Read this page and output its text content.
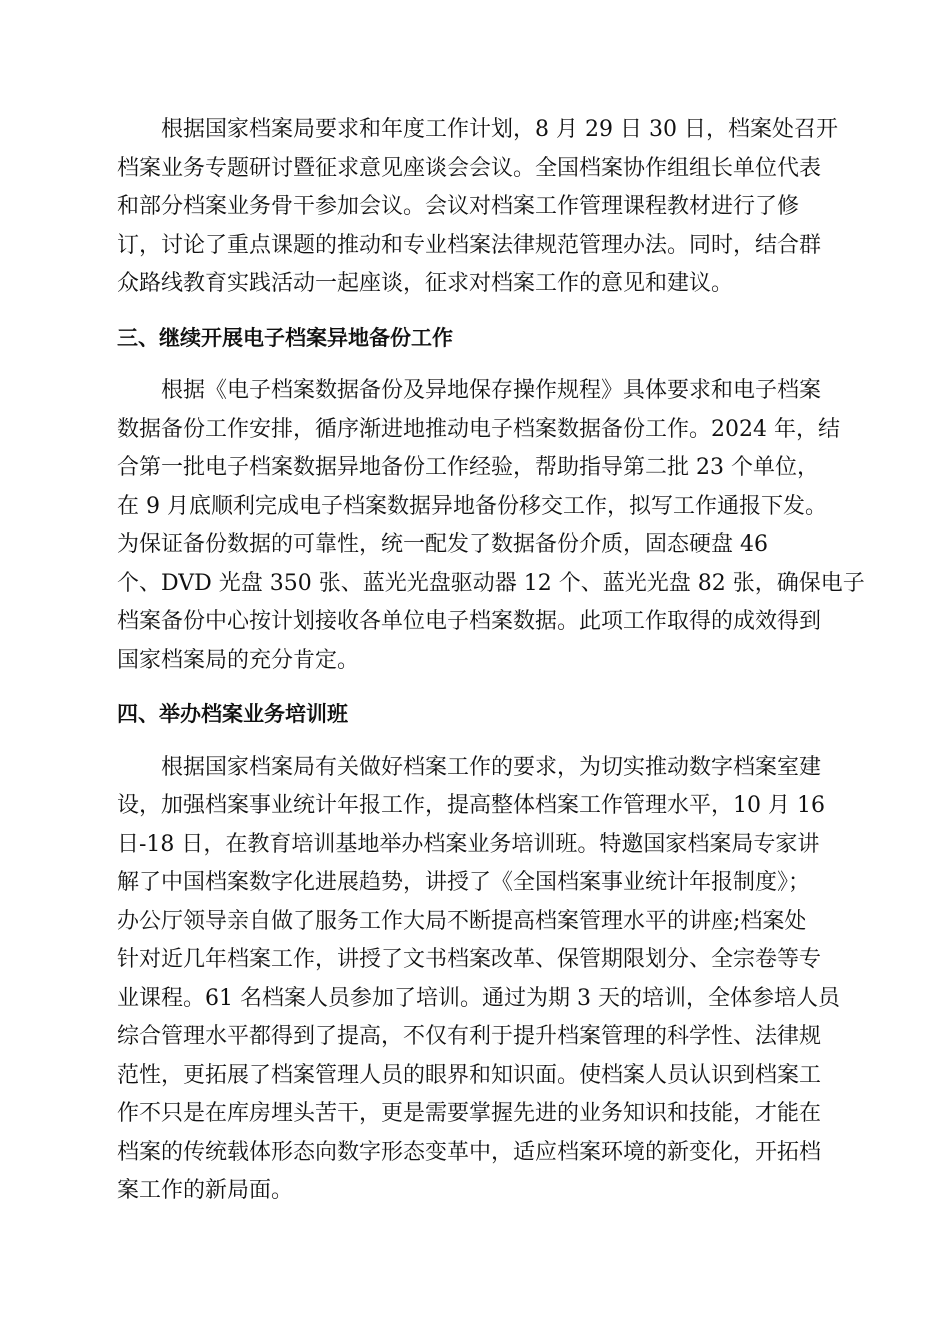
根据国家档案局要求和年度工作计划，8 月 29 日 30 日，档案处召开
档案业务专题研讨暨征求意见座谈会会议。全国档案协作组组长单位代表
和部分档案业务骨干参加会议。会议对档案工作管理课程教材进行了修
订，讨论了重点课题的推动和专业档案法律规范管理办法。同时，结合群
众路线教育实践活动一起座谈，征求对档案工作的意见和建议。
三、继续开展电子档案异地备份工作
根据《电子档案数据备份及异地保存操作规程》具体要求和电子档案
数据备份工作安排，循序渐进地推动电子档案数据备份工作。2024 年，结
合第一批电子档案数据异地备份工作经验，帮助指导第二批 23 个单位，
在 9 月底顺利完成电子档案数据异地备份移交工作，拟写工作通报下发。
为保证备份数据的可靠性，统一配发了数据备份介质，固态硬盘 46
个、DVD 光盘 350 张、蓝光光盘驱动器 12 个、蓝光光盘 82 张，确保电子
档案备份中心按计划接收各单位电子档案数据。此项工作取得的成效得到
国家档案局的充分肯定。
四、举办档案业务培训班
根据国家档案局有关做好档案工作的要求，为切实推动数字档案室建
设，加强档案事业统计年报工作，提高整体档案工作管理水平，10 月 16
日-18 日，在教育培训基地举办档案业务培训班。特邀国家档案局专家讲
解了中国档案数字化进展趋势，讲授了《全国档案事业统计年报制度》；
办公厅领导亲自做了服务工作大局不断提高档案管理水平的讲座;档案处
针对近几年档案工作，讲授了文书档案改革、保管期限划分、全宗卷等专
业课程。61 名档案人员参加了培训。通过为期 3 天的培训，全体参培人员
综合管理水平都得到了提高，不仅有利于提升档案管理的科学性、法律规
范性，更拓展了档案管理人员的眼界和知识面。使档案人员认识到档案工
作不只是在库房埋头苦干，更是需要掌握先进的业务知识和技能，才能在
档案的传统载体形态向数字形态变革中，适应档案环境的新变化，开拓档
案工作的新局面。
